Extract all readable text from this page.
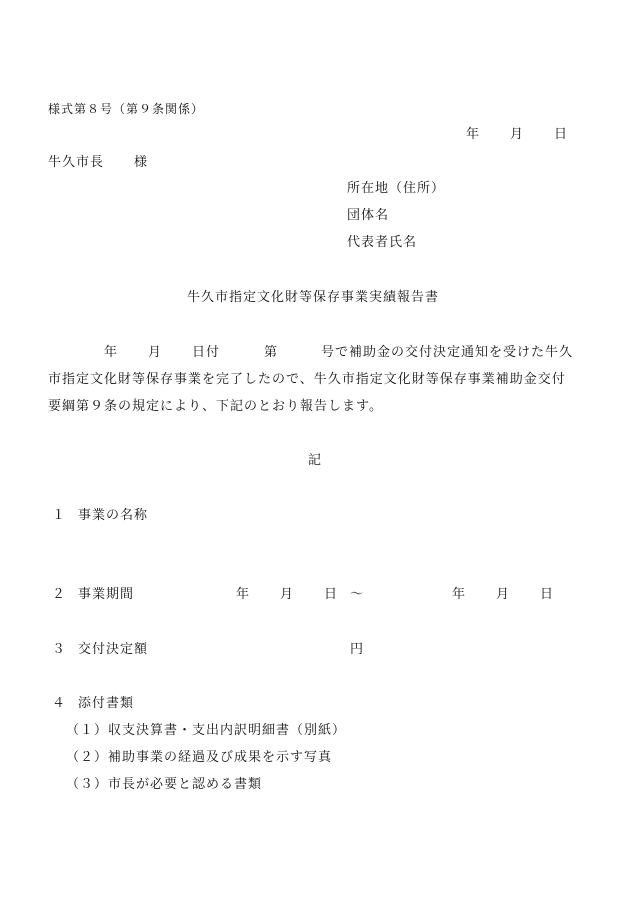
様式第８号（第９条関係）
年 月 日
牛久市長 様
所在地（住所）
団体名
代表者氏名
牛久市指定文化財等保存事業実績報告書
年 月 日付	第	号で補助金の交付決定通知を受けた牛久
市指定文化財等保存事業を完了したので、牛久市指定文化財等保存事業補助金交付
要綱第９条の規定により、下記のとおり報告します。
記
１ 事業の名称
２ 事業期間	年 月 日 ～	年 月 日
３ 交付決定額	円
４ 添付書類
（１）収支決算書・支出内訳明細書（別紙）
（２）補助事業の経過及び成果を示す写真
（３）市長が必要と認める書類
